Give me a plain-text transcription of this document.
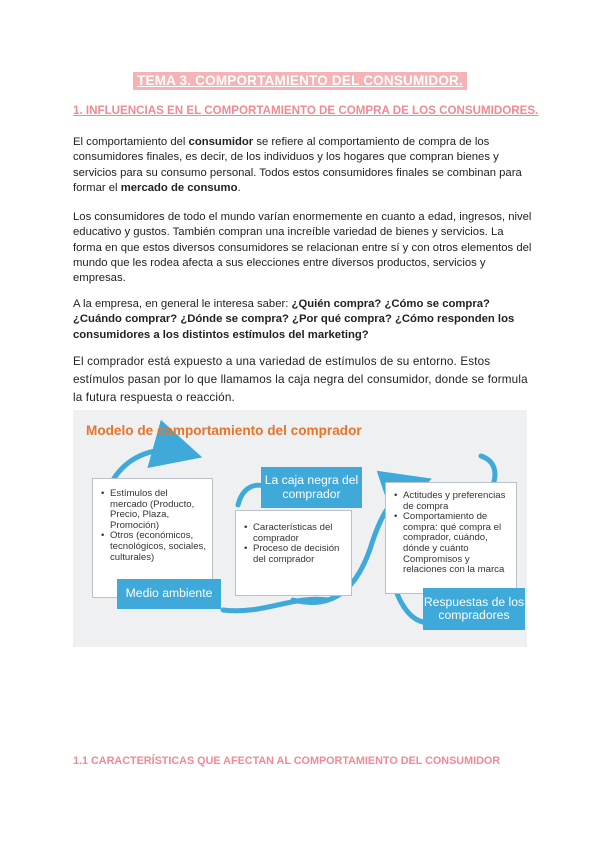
TEMA 3. COMPORTAMIENTO DEL CONSUMIDOR.
1. INFLUENCIAS EN EL COMPORTAMIENTO DE COMPRA DE LOS CONSUMIDORES.
El comportamiento del consumidor se refiere al comportamiento de compra de los consumidores finales, es decir, de los individuos y los hogares que compran bienes y servicios para su consumo personal. Todos estos consumidores finales se combinan para formar el mercado de consumo.
Los consumidores de todo el mundo varían enormemente en cuanto a edad, ingresos, nivel educativo y gustos. También compran una increíble variedad de bienes y servicios. La forma en que estos diversos consumidores se relacionan entre sí y con otros elementos del mundo que les rodea afecta a sus elecciones entre diversos productos, servicios y empresas.
A la empresa, en general le interesa saber: ¿Quién compra? ¿Cómo se compra? ¿Cuándo comprar? ¿Dónde se compra? ¿Por qué compra? ¿Cómo responden los consumidores a los distintos estímulos del marketing?
El comprador está expuesto a una variedad de estímulos de su entorno. Estos estímulos pasan por lo que llamamos la caja negra del consumidor, donde se formula la futura respuesta o reacción.
Modelo de comportamiento del comprador
• Estímulos del mercado (Producto, Precio, Plaza, Promoción)
• Otros (económicos, tecnológicos, sociales, culturales)
Medio ambiente
• Características del comprador
• Proceso de decisión del comprador
La caja negra del comprador
•	Actitudes y preferencias de compra
• Comportamiento de compra: qué compra el comprador, cuándo, dónde y cuánto Compromisos y relaciones con la marca
Respuestas de los compradores
1.1 CARACTERÍSTICAS QUE AFECTAN AL COMPORTAMIENTO DEL CONSUMIDOR
